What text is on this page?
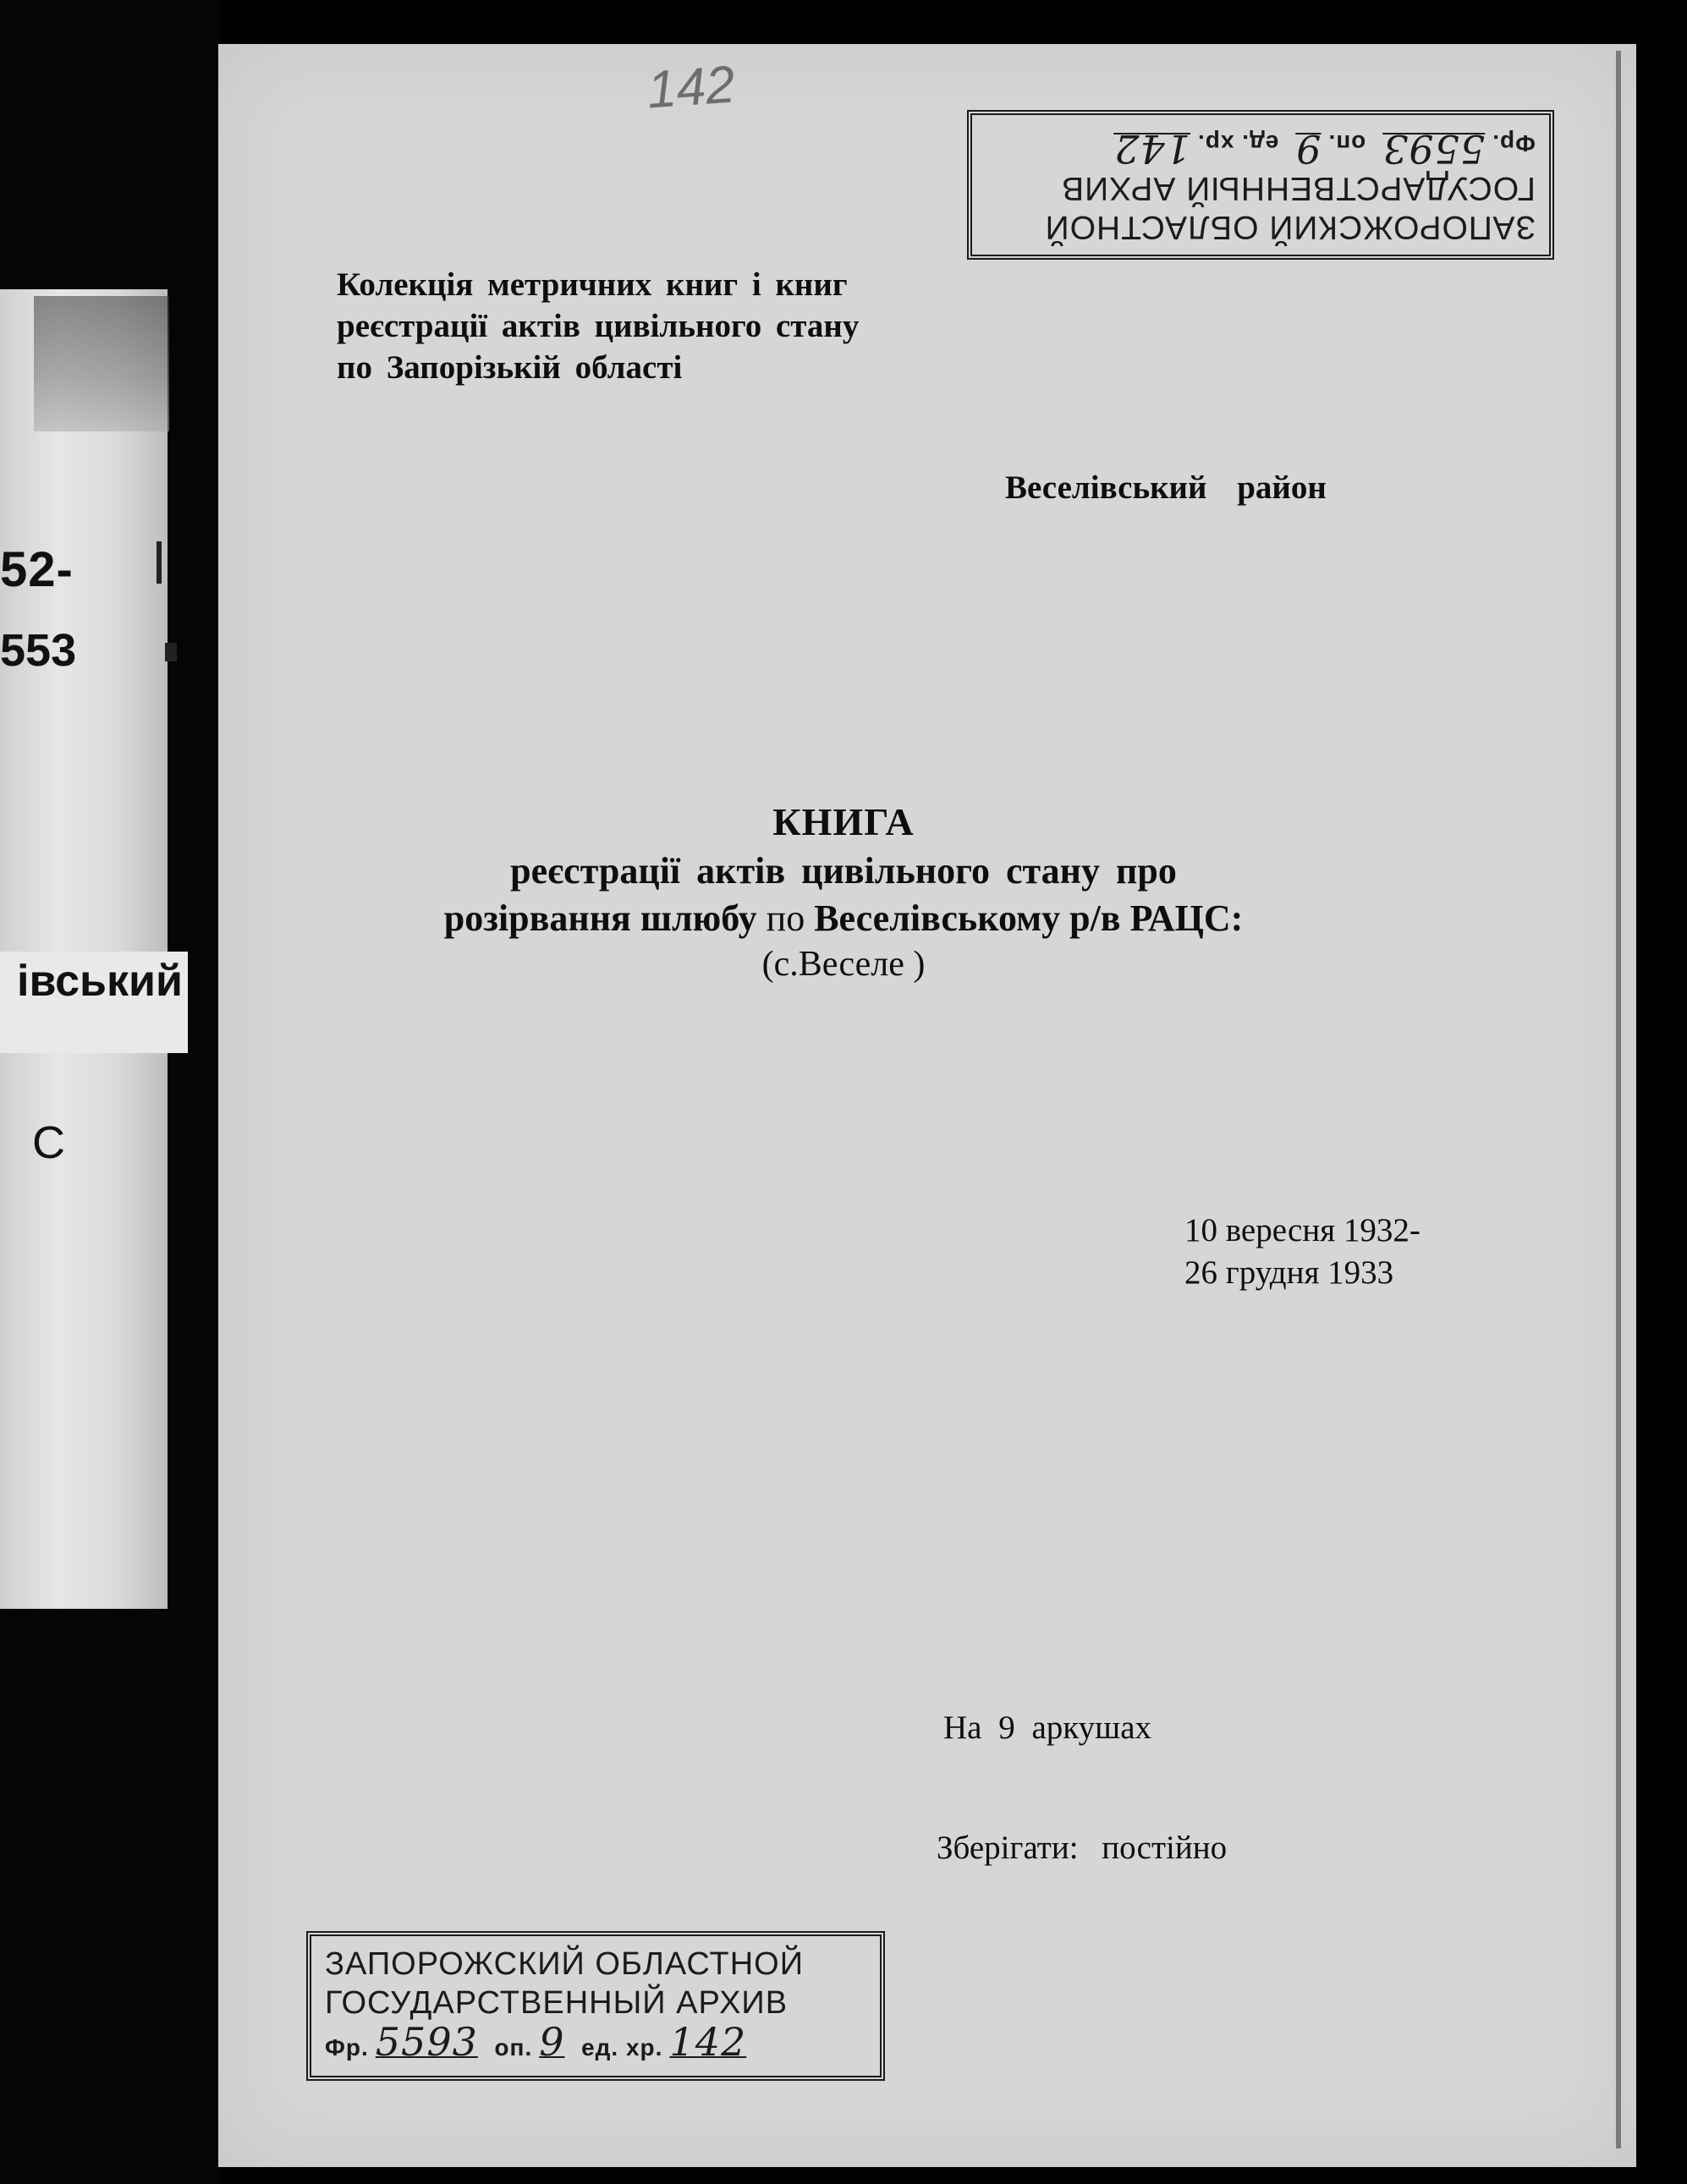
52-
553
івський
С
142
ЗАПОРОЖСКИЙ ОБЛАСТНОЙ
ГОСУДАРСТВЕННЫЙ АРХИВ
Фр.5593 оп.9 ед. хр.142
Колекція метричних книг і книг
реєстрації актів цивільного стану
по Запорізькій області
Веселівський район
КНИГА
реєстрації актів цивільного стану про
розірвання шлюбу по Веселівському р/в РАЦС:
(с.Веселе )
10 вересня 1932-
26 грудня 1933
На 9 аркушах
Зберігати: постійно
ЗАПОРОЖСКИЙ ОБЛАСТНОЙ
ГОСУДАРСТВЕННЫЙ АРХИВ
Фр. 5593 оп. 9 ед. хр. 142
